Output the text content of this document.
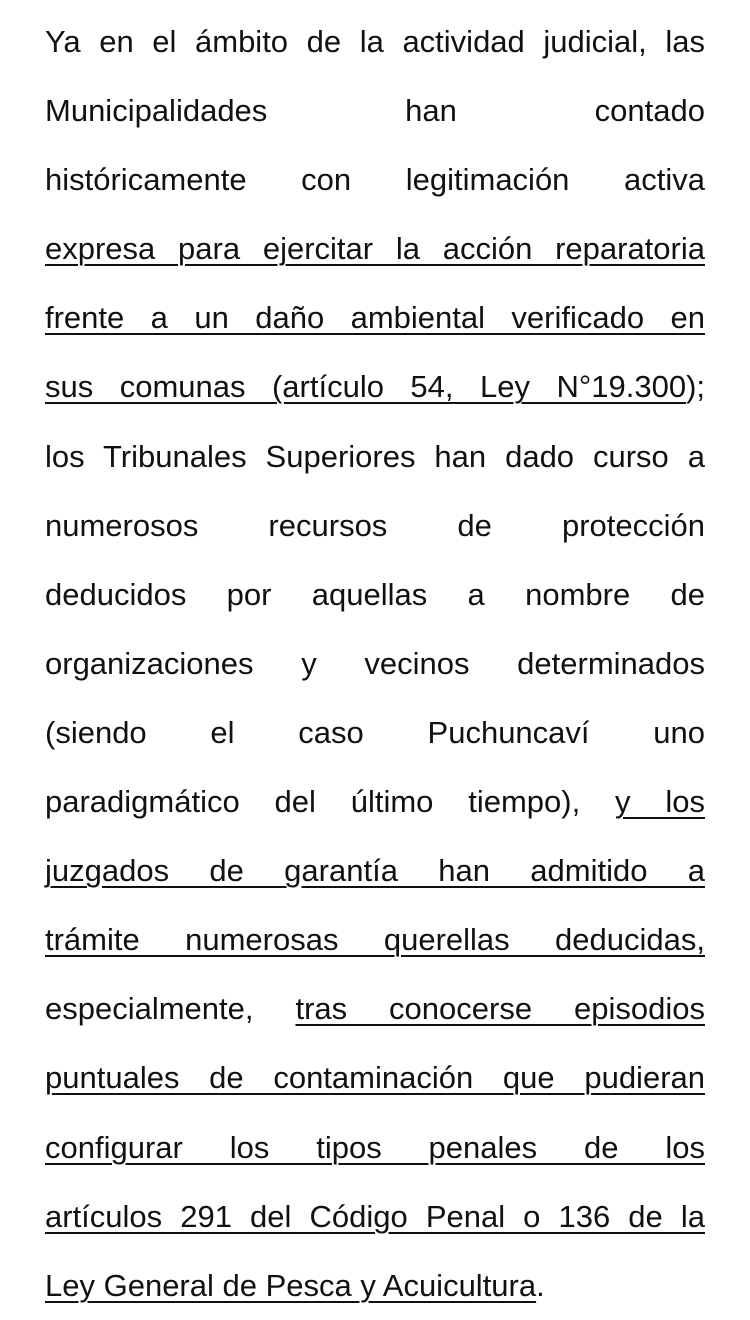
Ya en el ámbito de la actividad judicial, las
Municipalidades han contado
históricamente con legitimación activa
expresa para ejercitar la acción reparatoria
frente a un daño ambiental verificado en
sus comunas (artículo 54, Ley N°19.300);
los Tribunales Superiores han dado curso a
numerosos recursos de protección
deducidos por aquellas a nombre de
organizaciones y vecinos determinados
(siendo el caso Puchuncaví uno
paradigmático del último tiempo), y los
juzgados de garantía han admitido a
trámite numerosas querellas deducidas,
especialmente, tras conocerse episodios
puntuales de contaminación que pudieran
configurar los tipos penales de los
artículos 291 del Código Penal o 136 de la
Ley General de Pesca y Acuicultura.
